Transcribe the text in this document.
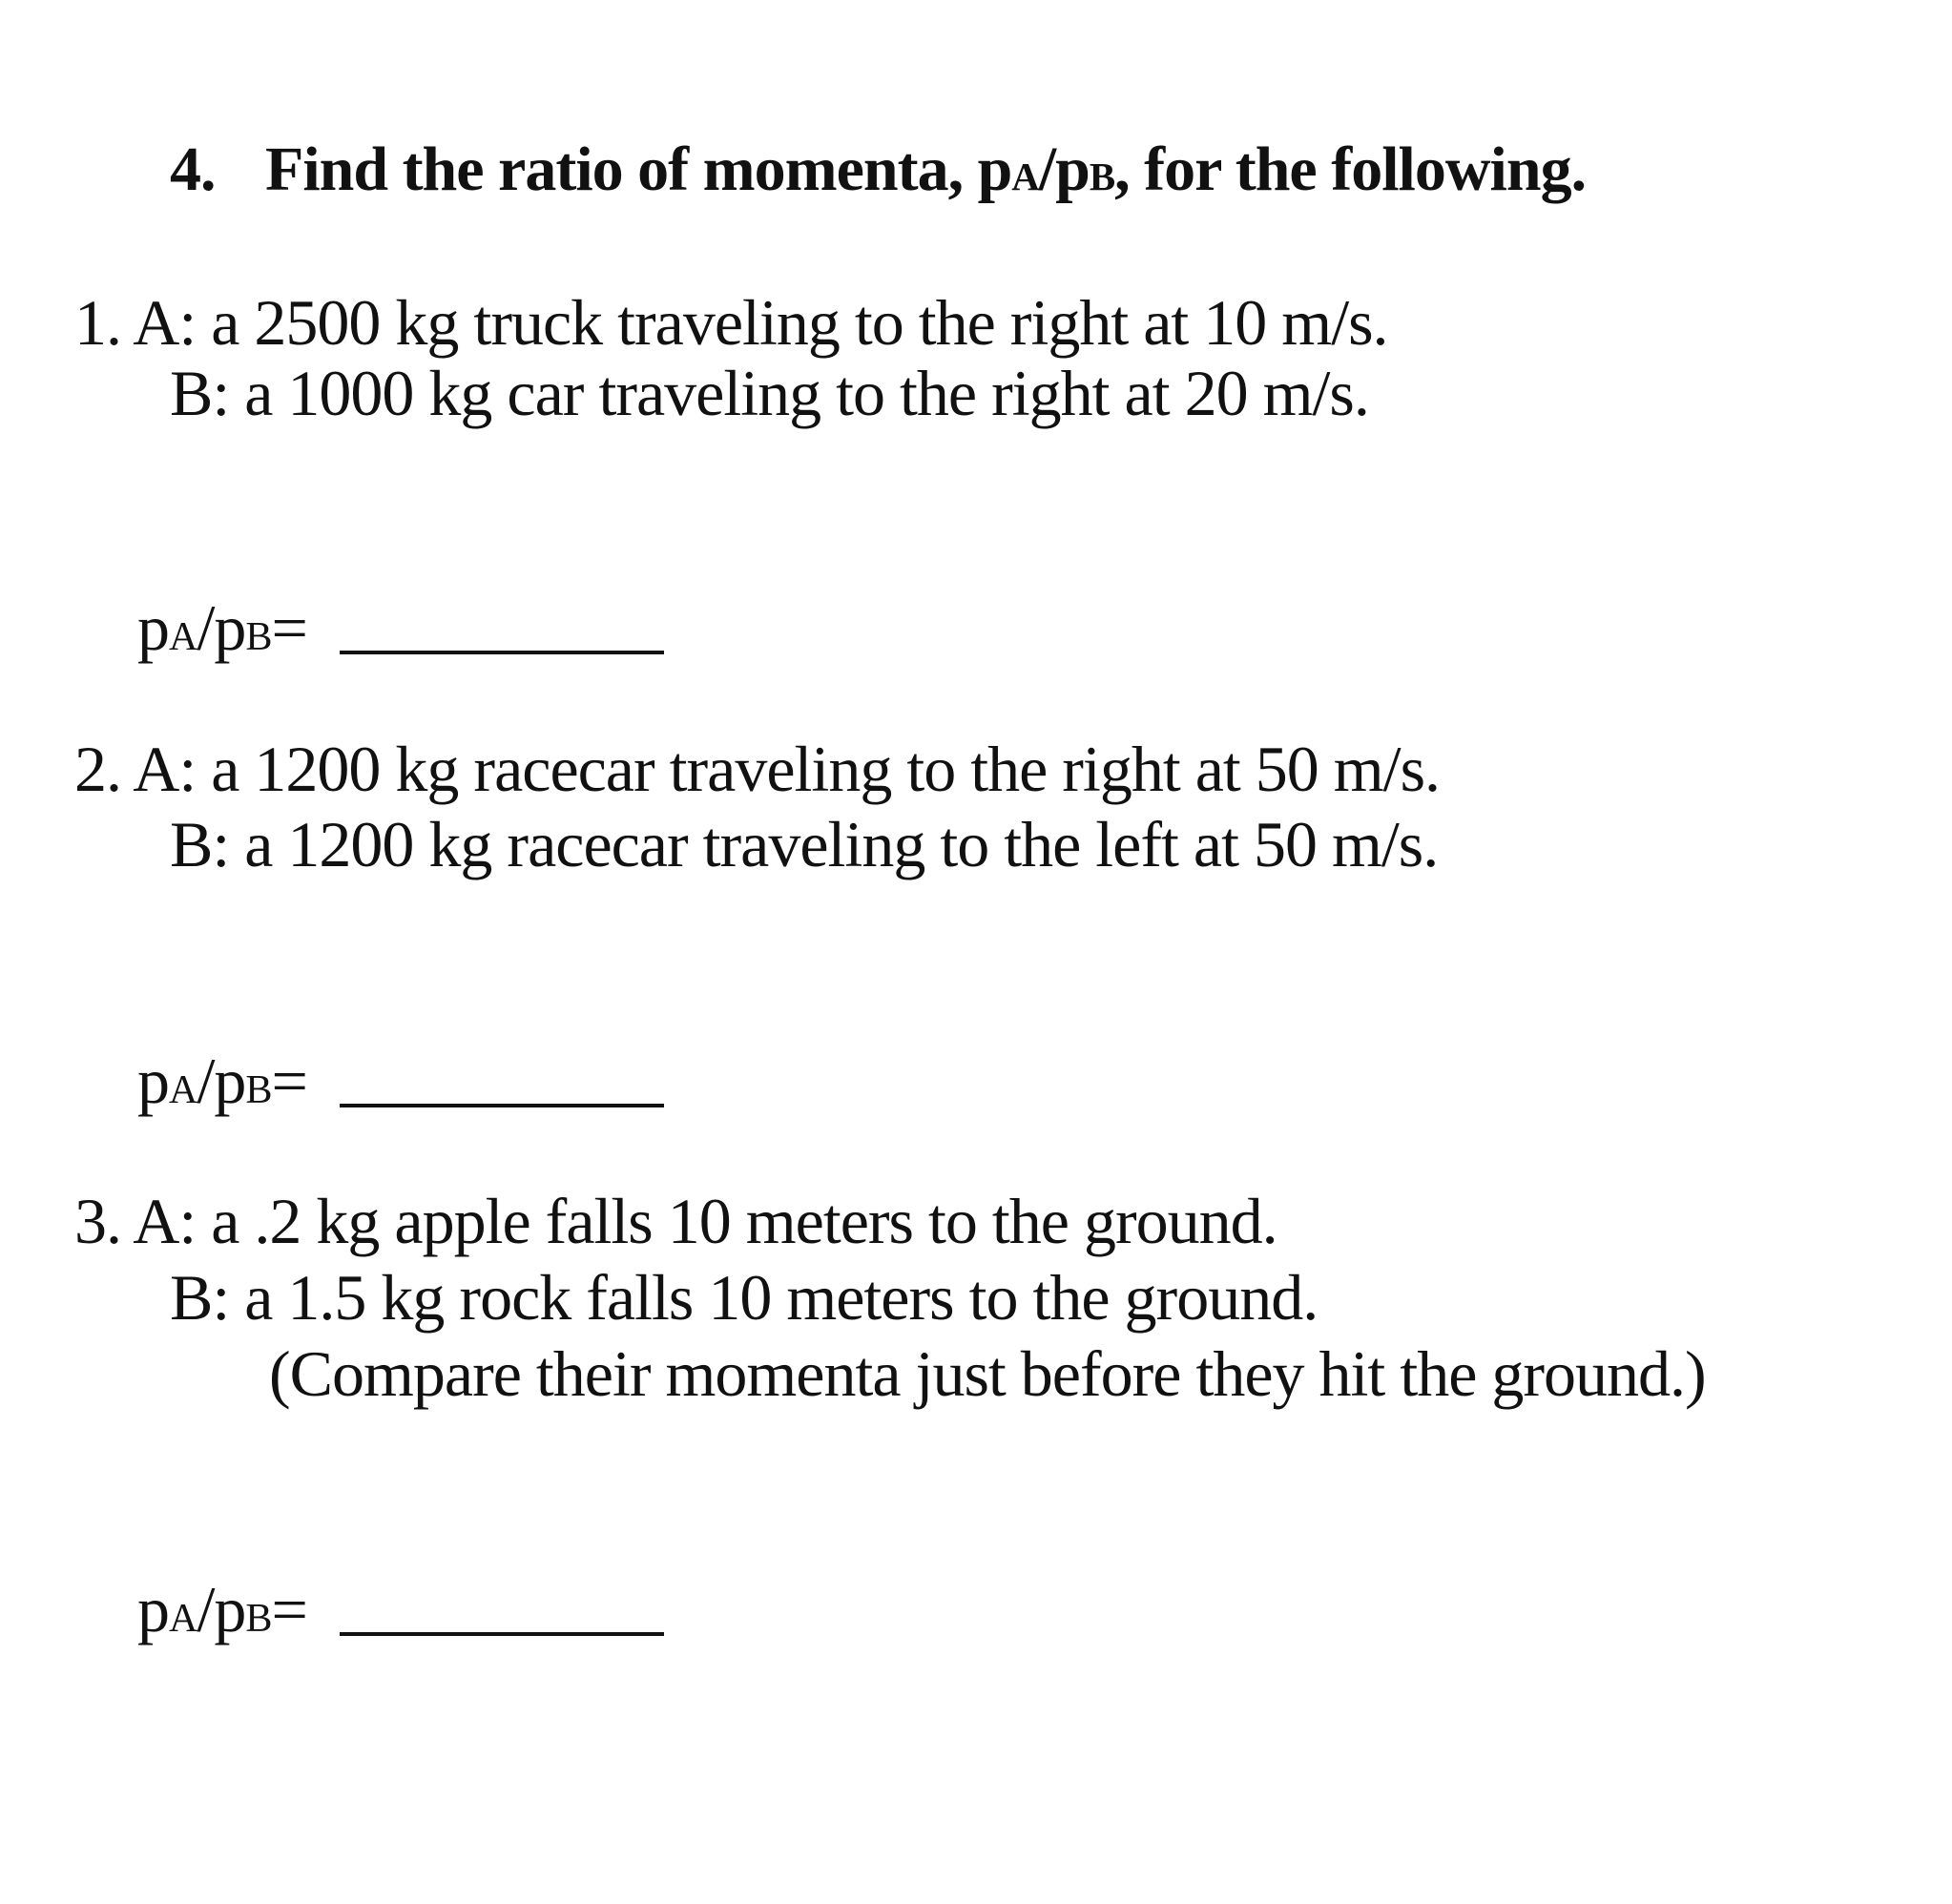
4. Find the ratio of momenta, pA/pB, for the following.
1. A: a 2500 kg truck traveling to the right at 10 m/s.
B: a 1000 kg car traveling to the right at 20 m/s.
pA/pB=
2. A: a 1200 kg racecar traveling to the right at 50 m/s.
B: a 1200 kg racecar traveling to the left at 50 m/s.
pA/pB=
3. A: a .2 kg apple falls 10 meters to the ground.
B: a 1.5 kg rock falls 10 meters to the ground.
(Compare their momenta just before they hit the ground.)
pA/pB=
